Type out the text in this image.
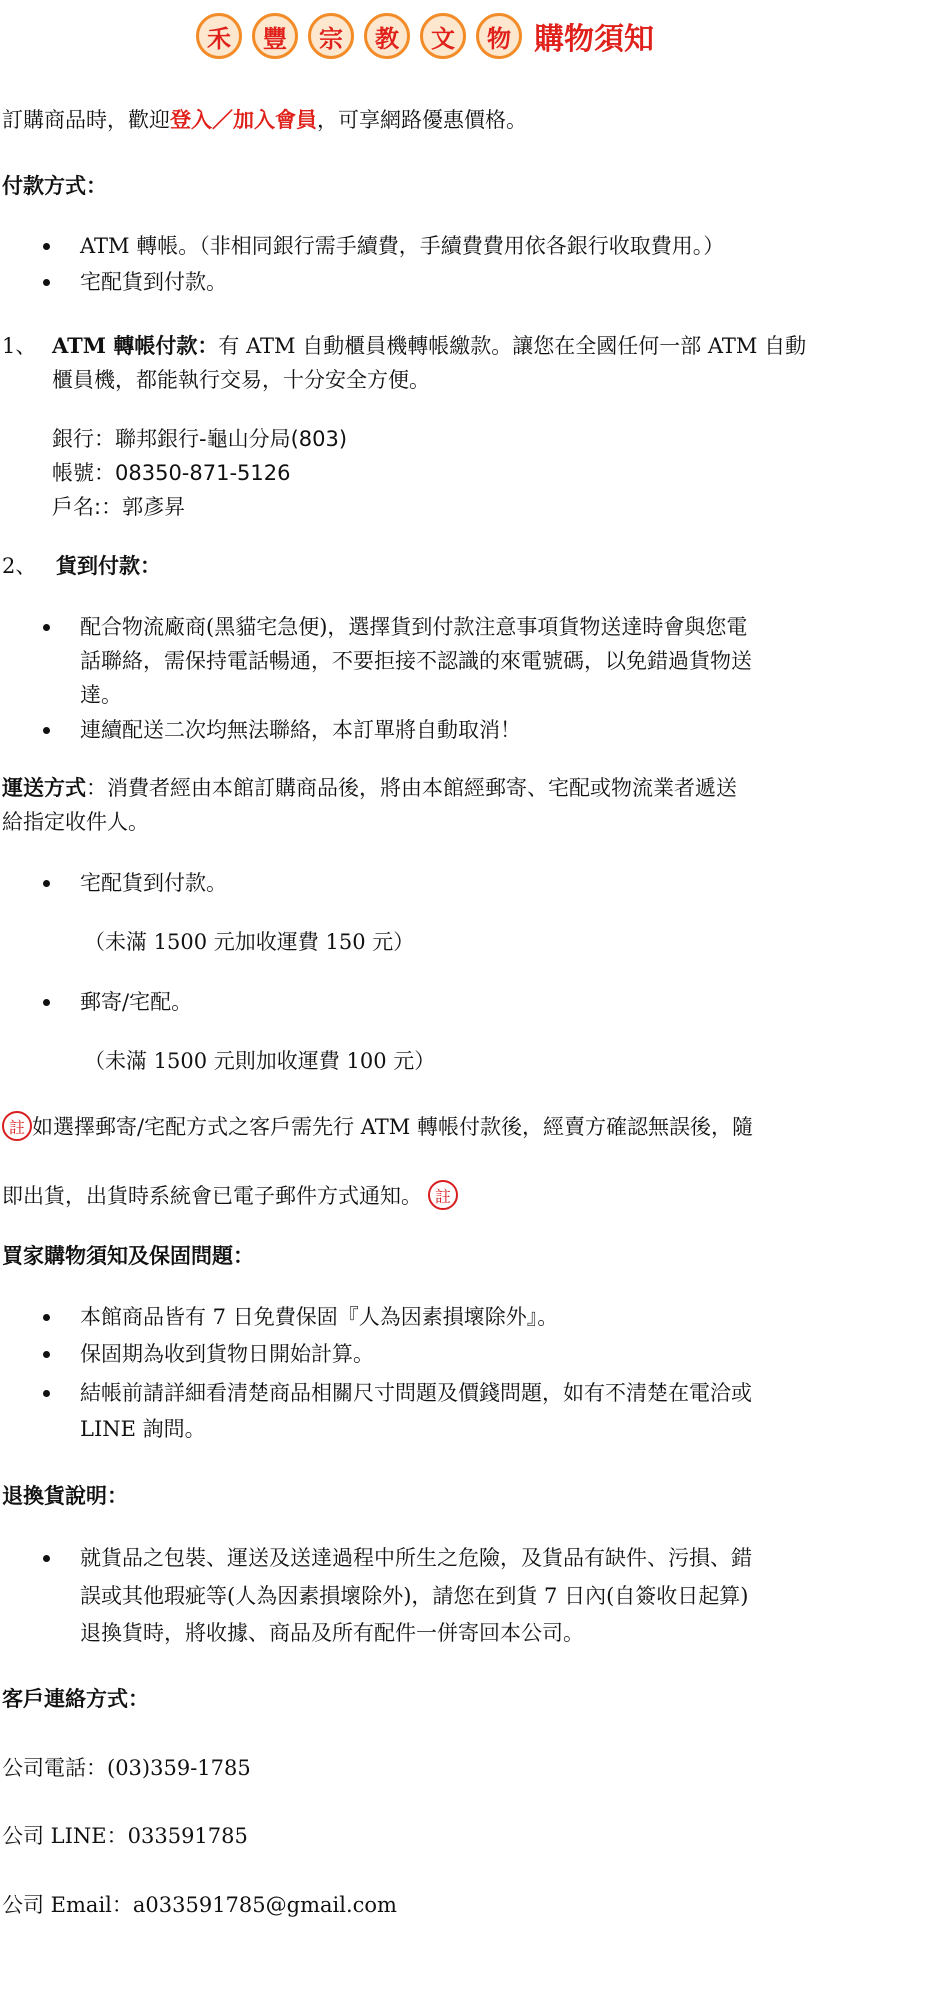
禾	豐	宗	教	文	物 購物須知
訂購商品時，歡迎登入／加入會員，可享網路優惠價格。
付款方式：
ATM 轉帳。（非相同銀行需手續費，手續費費用依各銀行收取費用。）
宅配貨到付款。
1、 ATM 轉帳付款：有 ATM 自動櫃員機轉帳繳款。讓您在全國任何一部 ATM 自動
櫃員機，都能執行交易，十分安全方便。
銀行：聯邦銀行-龜山分局(803)
帳號：08350-871-5126
戶名:：郭彥昇
2、 貨到付款：
配合物流廠商(黑貓宅急便)，選擇貨到付款注意事項貨物送達時會與您電
話聯絡，需保持電話暢通，不要拒接不認識的來電號碼，以免錯過貨物送
達。
連續配送二次均無法聯絡，本訂單將自動取消！
運送方式：消費者經由本館訂購商品後，將由本館經郵寄、宅配或物流業者遞送
給指定收件人。
宅配貨到付款。
（未滿 1500 元加收運費 150 元）
郵寄/宅配。
（未滿 1500 元則加收運費 100 元）
註 如選擇郵寄/宅配方式之客戶需先行 ATM 轉帳付款後，經賣方確認無誤後，隨
即出貨，出貨時系統會已電子郵件方式通知。 註
買家購物須知及保固問題：
本館商品皆有 7 日免費保固『人為因素損壞除外』。
保固期為收到貨物日開始計算。
結帳前請詳細看清楚商品相關尺寸問題及價錢問題，如有不清楚在電洽或
LINE 詢問。
退換貨說明：
就貨品之包裝、運送及送達過程中所生之危險，及貨品有缺件、污損、錯
誤或其他瑕疵等(人為因素損壞除外)，請您在到貨 7 日內(自簽收日起算)
退換貨時，將收據、商品及所有配件一併寄回本公司。
客戶連絡方式：
公司電話：(03)359-1785
公司 LINE：033591785
公司 Email：a033591785@gmail.com
